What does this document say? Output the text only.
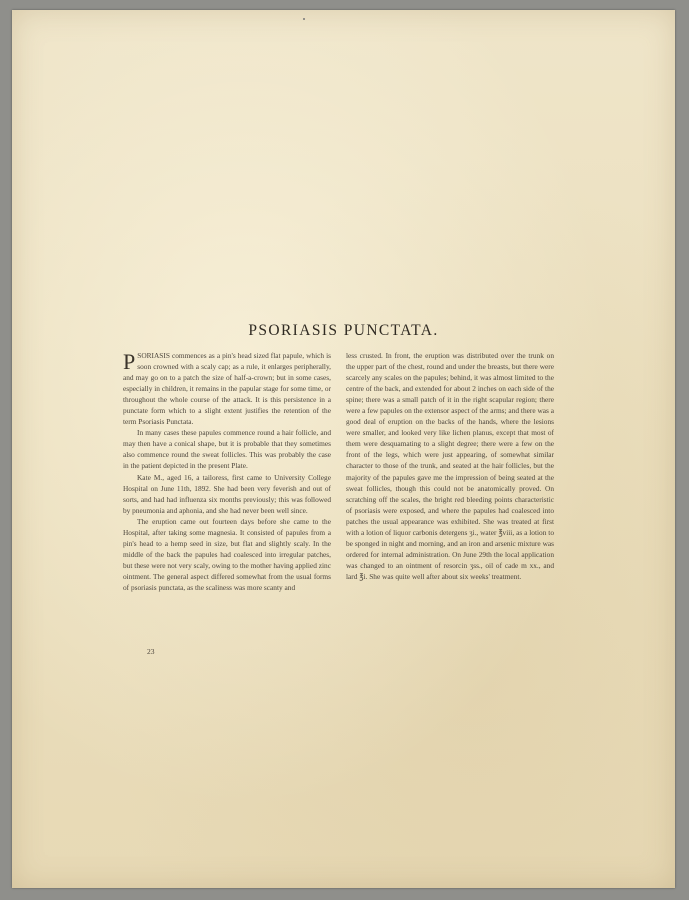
PSORIASIS PUNCTATA.

PSORIASIS commences as a pin's head sized flat papule, which is soon crowned with a scaly cap; as a rule, it enlarges peripherally, and may go on to a patch the size of half-a-crown; but in some cases, especially in children, it remains in the papular stage for some time, or throughout the whole course of the attack. It is this persistence in a punctate form which to a slight extent justifies the retention of the term Psoriasis Punctata.

In many cases these papules commence round a hair follicle, and may then have a conical shape, but it is probable that they sometimes also commence round the sweat follicles. This was probably the case in the patient depicted in the present Plate.

Kate M., aged 16, a tailoress, first came to University College Hospital on June 11th, 1892. She had been very feverish and out of sorts, and had had influenza six months previously; this was followed by pneumonia and aphonia, and she had never been well since.

The eruption came out fourteen days before she came to the Hospital, after taking some magnesia. It consisted of papules from a pin's head to a hemp seed in size, but flat and slightly scaly. In the middle of the back the papules had coalesced into irregular patches, but these were not very scaly, owing to the mother having applied zinc ointment. The general aspect differed somewhat from the usual forms of psoriasis punctata, as the scaliness was more scanty and

less crusted. In front, the eruption was distributed over the trunk on the upper part of the chest, round and under the breasts, but there were scarcely any scales on the papules; behind, it was almost limited to the centre of the back, and extended for about 2 inches on each side of the spine; there was a small patch of it in the right scapular region; there were a few papules on the extensor aspect of the arms; and there was a good deal of eruption on the backs of the hands, where the lesions were smaller, and looked very like lichen planus, except that most of them were desquamating to a slight degree; there were a few on the front of the legs, which were just appearing, of somewhat similar character to those of the trunk, and seated at the hair follicles, but the majority of the papules gave me the impression of being seated at the sweat follicles, though this could not be anatomically proved. On scratching off the scales, the bright red bleeding points characteristic of psoriasis were exposed, and where the papules had coalesced into patches the usual appearance was exhibited. She was treated at first with a lotion of liquor carbonis detergens ʒi., water ℥viii, as a lotion to be sponged in night and morning, and an iron and arsenic mixture was ordered for internal administration. On June 29th the local application was changed to an ointment of resorcin ʒss., oil of cade m xx., and lard ℥i. She was quite well after about six weeks' treatment.

23
